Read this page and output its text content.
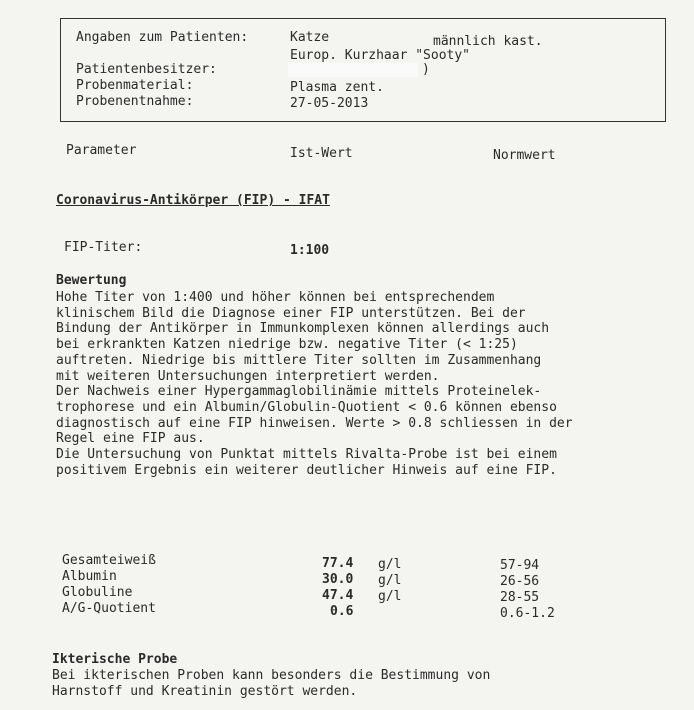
Angaben zum Patienten:	Katze	männlich kast.
Europ. Kurzhaar "Sooty"
Patientenbesitzer:	)
Probenmaterial:	Plasma zent.
Probenentnahme:	27-05-2013
Parameter	Ist-Wert	Normwert
Coronavirus-Antikörper (FIP) - IFAT
FIP-Titer:	1:100
Bewertung
Hohe Titer von 1:400 und höher können bei entsprechendem
klinischem Bild die Diagnose einer FIP unterstützen. Bei der
Bindung der Antikörper in Immunkomplexen können allerdings auch
bei erkrankten Katzen niedrige bzw. negative Titer (< 1:25)
auftreten. Niedrige bis mittlere Titer sollten im Zusammenhang
mit weiteren Untersuchungen interpretiert werden.
Der Nachweis einer Hypergammaglobilinämie mittels Proteinelek-
trophorese und ein Albumin/Globulin-Quotient < 0.6 können ebenso
diagnostisch auf eine FIP hinweisen. Werte > 0.8 schliessen in der
Regel eine FIP aus.
Die Untersuchung von Punktat mittels Rivalta-Probe ist bei einem
positivem Ergebnis ein weiterer deutlicher Hinweis auf eine FIP.
Gesamteiweiß	77.4 g/l	57-94
Albumin	30.0 g/l	26-56
Globuline	47.4 g/l	28-55
A/G-Quotient	0.6	0.6-1.2
Ikterische Probe
Bei ikterischen Proben kann besonders die Bestimmung von
Harnstoff und Kreatinin gestört werden.
